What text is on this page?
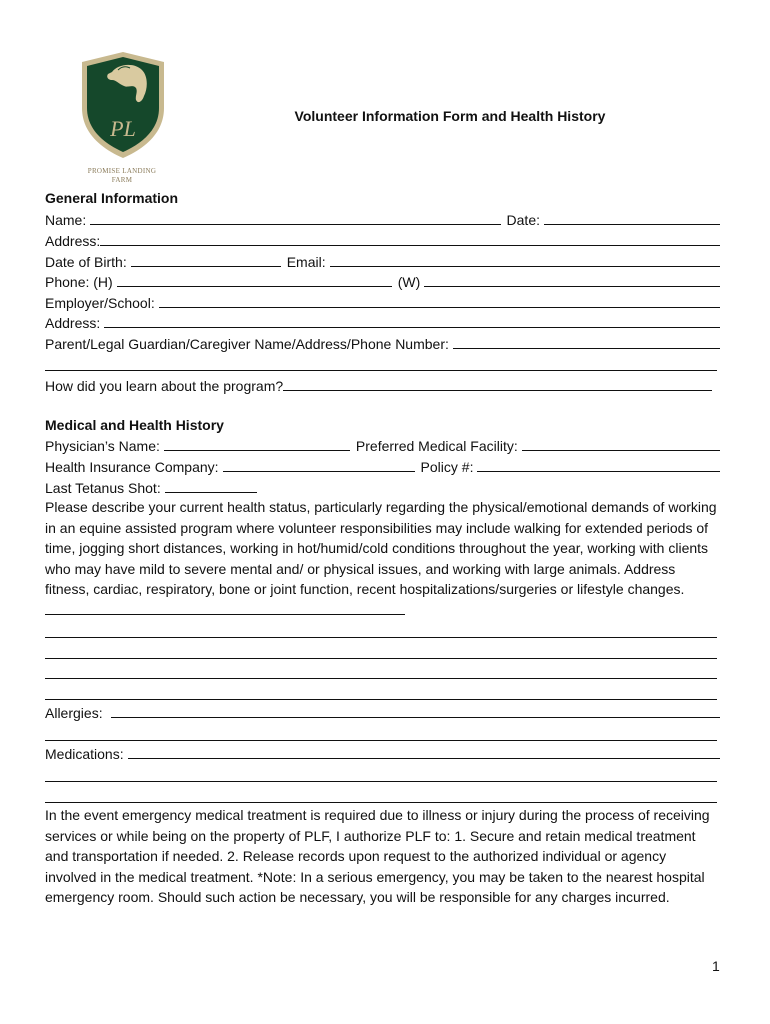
PL
PROMISE LANDING
FARM
Volunteer Information Form and Health History
General Information
Name:	Date:
Address:
Date of Birth:	Email:
Phone: (H)	(W)
Employer/School:
Address:
Parent/Legal Guardian/Caregiver Name/Address/Phone Number:
How did you learn about the program?
Medical and Health History
Physician’s Name:	Preferred Medical Facility:
Health Insurance Company:	Policy #:
Last Tetanus Shot:
Please describe your current health status, particularly regarding the physical/emotional demands of working in an equine assisted program where volunteer responsibilities may include walking for extended periods of time, jogging short distances, working in hot/humid/cold conditions throughout the year, working with clients who may have mild to severe mental and/ or physical issues, and working with large animals. Address fitness, cardiac, respiratory, bone or joint function, recent hospitalizations/surgeries or lifestyle changes.
Allergies:
Medications:
In the event emergency medical treatment is required due to illness or injury during the process of receiving services or while being on the property of PLF, I authorize PLF to: 1. Secure and retain medical treatment and transportation if needed. 2. Release records upon request to the authorized individual or agency involved in the medical treatment. *Note: In a serious emergency, you may be taken to the nearest hospital emergency room. Should such action be necessary, you will be responsible for any charges incurred.
1
